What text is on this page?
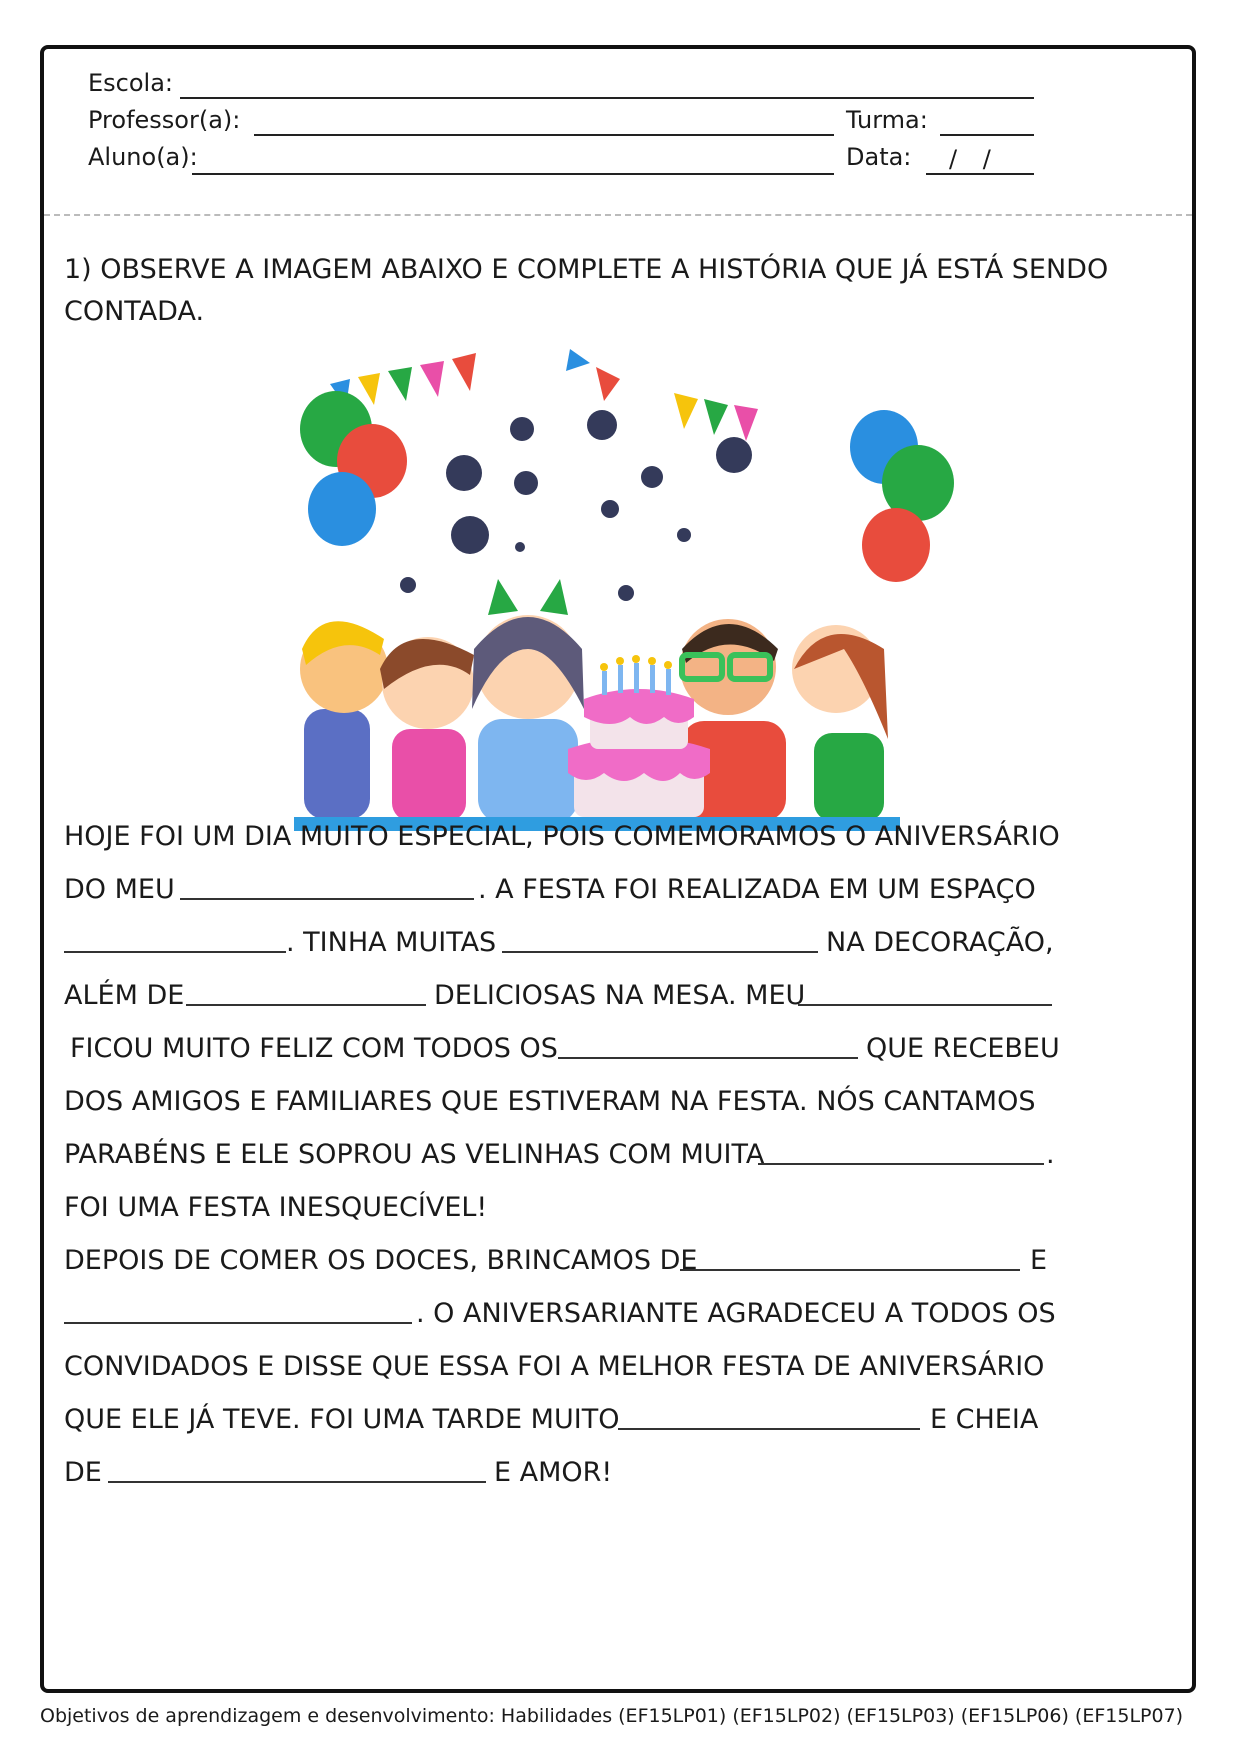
Escola:
Professor(a):	Turma:
Aluno(a):	Data: / /
1) OBSERVE A IMAGEM ABAIXO E COMPLETE A HISTÓRIA QUE JÁ ESTÁ SENDO CONTADA.
HOJE FOI UM DIA MUITO ESPECIAL, POIS COMEMORAMOS O ANIVERSÁRIO
DO MEU	. A FESTA FOI REALIZADA EM UM ESPAÇO
. TINHA MUITAS	NA DECORAÇÃO,
ALÉM DE	DELICIOSAS NA MESA. MEU
FICOU MUITO FELIZ COM TODOS OS	QUE RECEBEU
DOS AMIGOS E FAMILIARES QUE ESTIVERAM NA FESTA. NÓS CANTAMOS
PARABÉNS E ELE SOPROU AS VELINHAS COM MUITA	.
FOI UMA FESTA INESQUECÍVEL!
DEPOIS DE COMER OS DOCES, BRINCAMOS DE	E
. O ANIVERSARIANTE AGRADECEU A TODOS OS
CONVIDADOS E DISSE QUE ESSA FOI A MELHOR FESTA DE ANIVERSÁRIO
QUE ELE JÁ TEVE. FOI UMA TARDE MUITO	E CHEIA
DE	E AMOR!
Objetivos de aprendizagem e desenvolvimento: Habilidades (EF15LP01) (EF15LP02) (EF15LP03) (EF15LP06) (EF15LP07)
